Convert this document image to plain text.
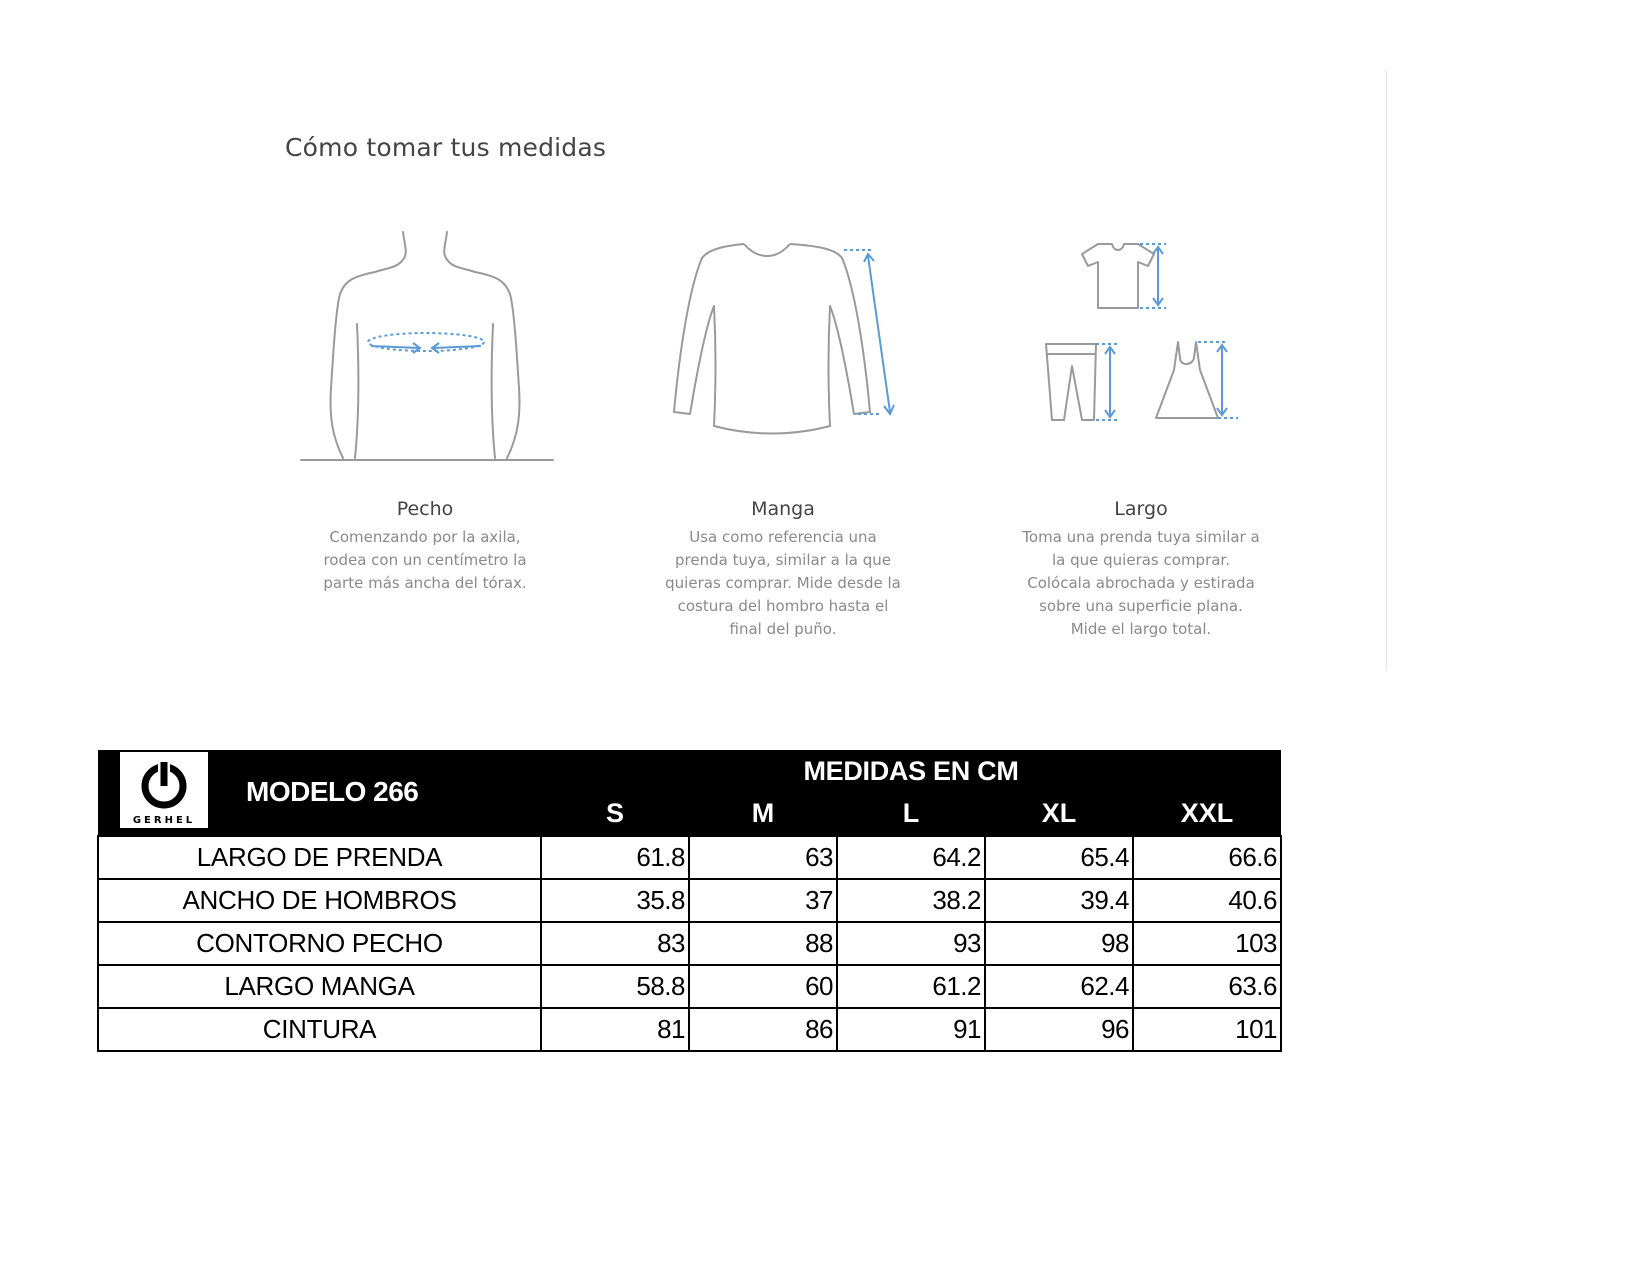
Cómo tomar tus medidas
Pecho
Comenzando por la axila,
rodea con un centímetro la
parte más ancha del tórax.
Manga
Usa como referencia una
prenda tuya, similar a la que
quieras comprar. Mide desde la
costura del hombro hasta el
final del puño.
Largo
Toma una prenda tuya similar a
la que quieras comprar.
Colócala abrochada y estirada
sobre una superficie plana.
Mide el largo total.
GERHEL
MODELO 266	MEDIDAS EN CM				
	S	M	L	XL	XXL
LARGO DE PRENDA	61.8	63	64.2	65.4	66.6
ANCHO DE HOMBROS	35.8	37	38.2	39.4	40.6
CONTORNO PECHO	83	88	93	98	103
LARGO MANGA	58.8	60	61.2	62.4	63.6
CINTURA	81	86	91	96	101
